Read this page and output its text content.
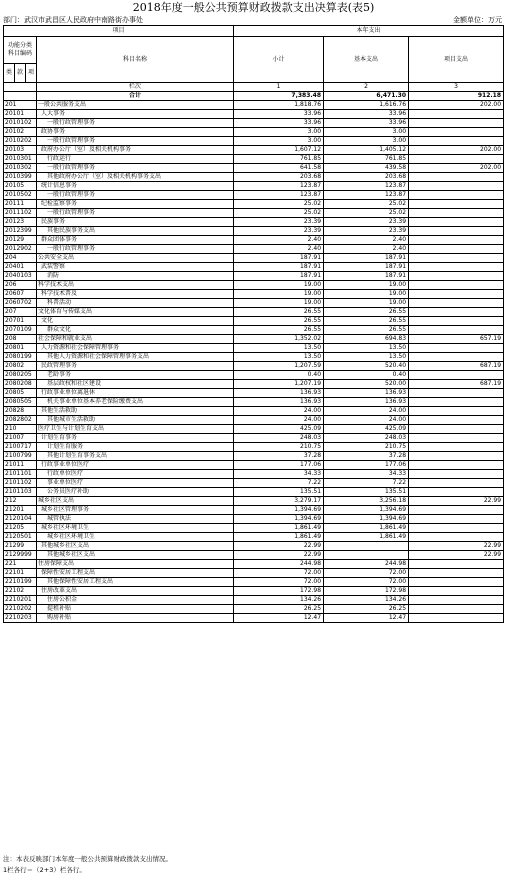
2018年度一般公共预算财政拨款支出决算表(表5)
部门：武汉市武昌区人民政府中南路街办事处	金额单位：万元
项目				本年支出		
功能分类
科目编码			科目名称	小计	基本支出	项目支出
类	款	项				
			栏次	1	2	3
			合计	7,383.48	6,471.30	912.18
201			一般公共服务支出	1,818.76	1,616.76	202.00
20101			人大事务	33.96	33.96	
2010102			一般行政管理事务	33.96	33.96	
20102			政协事务	3.00	3.00	
2010202			一般行政管理事务	3.00	3.00	
20103			政府办公厅（室）及相关机构事务	1,607.12	1,405.12	202.00
2010301			行政运行	761.85	761.85	
2010302			一般行政管理事务	641.58	439.58	202.00
2010399			其他政府办公厅（室）及相关机构事务支出	203.68	203.68	
20105			统计信息事务	123.87	123.87	
2010502			一般行政管理事务	123.87	123.87	
20111			纪检监察事务	25.02	25.02	
2011102			一般行政管理事务	25.02	25.02	
20123			民族事务	23.39	23.39	
2012399			其他民族事务支出	23.39	23.39	
20129			群众团体事务	2.40	2.40	
2012902			一般行政管理事务	2.40	2.40	
204			公共安全支出	187.91	187.91	
20401			武装警察	187.91	187.91	
2040103			消防	187.91	187.91	
206			科学技术支出	19.00	19.00	
20607			科学技术普及	19.00	19.00	
2060702			科普活动	19.00	19.00	
207			文化体育与传媒支出	26.55	26.55	
20701			文化	26.55	26.55	
2070109			群众文化	26.55	26.55	
208			社会保障和就业支出	1,352.02	694.83	657.19
20801			人力资源和社会保障管理事务	13.50	13.50	
2080199			其他人力资源和社会保障管理事务支出	13.50	13.50	
20802			民政管理事务	1,207.59	520.40	687.19
2080205			老龄事务	0.40	0.40	
2080208			基层政权和社区建设	1,207.19	520.00	687.19
20805			行政事业单位离退休	136.93	136.93	
2080505			机关事业单位基本养老保险缴费支出	136.93	136.93	
20828			其他生活救助	24.00	24.00	
2082802			其他城市生活救助	24.00	24.00	
210			医疗卫生与计划生育支出	425.09	425.09	
21007			计划生育事务	248.03	248.03	
2100717			计划生育服务	210.75	210.75	
2100799			其他计划生育事务支出	37.28	37.28	
21011			行政事业单位医疗	177.06	177.06	
2101101			行政单位医疗	34.33	34.33	
2101102			事业单位医疗	7.22	7.22	
2101103			公务员医疗补助	135.51	135.51	
212			城乡社区支出	3,279.17	3,256.18	22.99
21201			城乡社区管理事务	1,394.69	1,394.69	
2120104			城管执法	1,394.69	1,394.69	
21205			城乡社区环境卫生	1,861.49	1,861.49	
2120501			城乡社区环境卫生	1,861.49	1,861.49	
21299			其他城乡社区支出	22.99		22.99
2129999			其他城乡社区支出	22.99		22.99
221			住房保障支出	244.98	244.98	
22101			保障性安居工程支出	72.00	72.00	
2210199			其他保障性安居工程支出	72.00	72.00	
22102			住房改革支出	172.98	172.98	
2210201			住房公积金	134.26	134.26	
2210202			提租补贴	26.25	26.25	
2210203			购房补贴	12.47	12.47	
注：本表反映部门本年度一般公共预算财政拨款支出情况。
1栏各行＝（2+3）栏各行。
